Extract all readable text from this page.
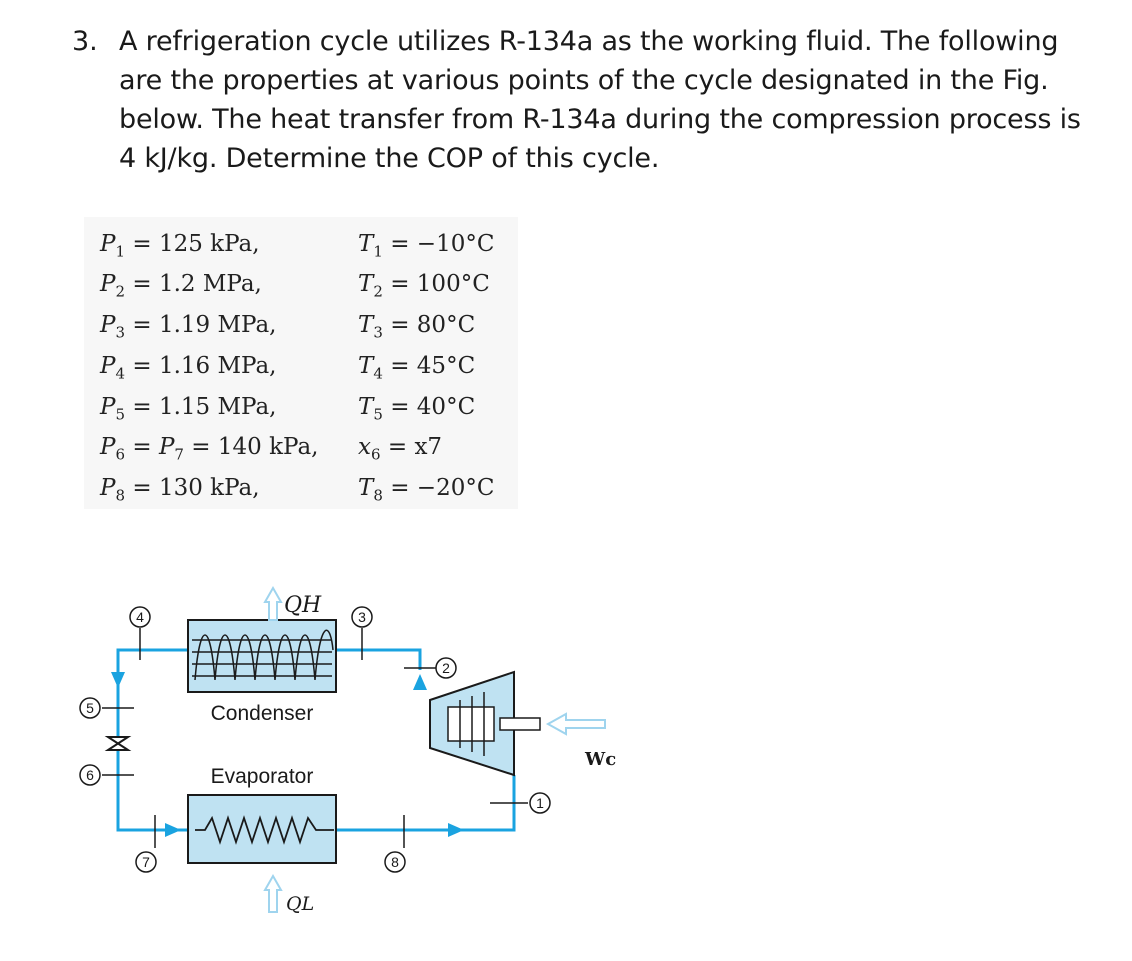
3. A refrigeration cycle utilizes R-134a as the working fluid. The following are the properties at various points of the cycle designated in the Fig. below. The heat transfer from R-134a during the compression process is 4 kJ/kg. Determine the COP of this cycle.
$P_1 = 125$ kPa,
$P_2 = 1.2$ MPa,
$P_3 = 1.19$ MPa,
$P_4 = 1.16$ MPa,
$P_5 = 1.15$ MPa,
$P_6 = P_7 = 140$ kPa,
$P_8 = 130$ kPa,
$T_1 = -10^\circ C$
$T_2 = 100^\circ C$
$T_3 = 80^\circ C$
$T_4 = 45^\circ C$
$T_5 = 40^\circ C$
$x_6 = x7$
$T_8 = -20^\circ C$
Condenser
Evaporator
QH
QL
Wc
4	3
2
5
6
7	8
1
